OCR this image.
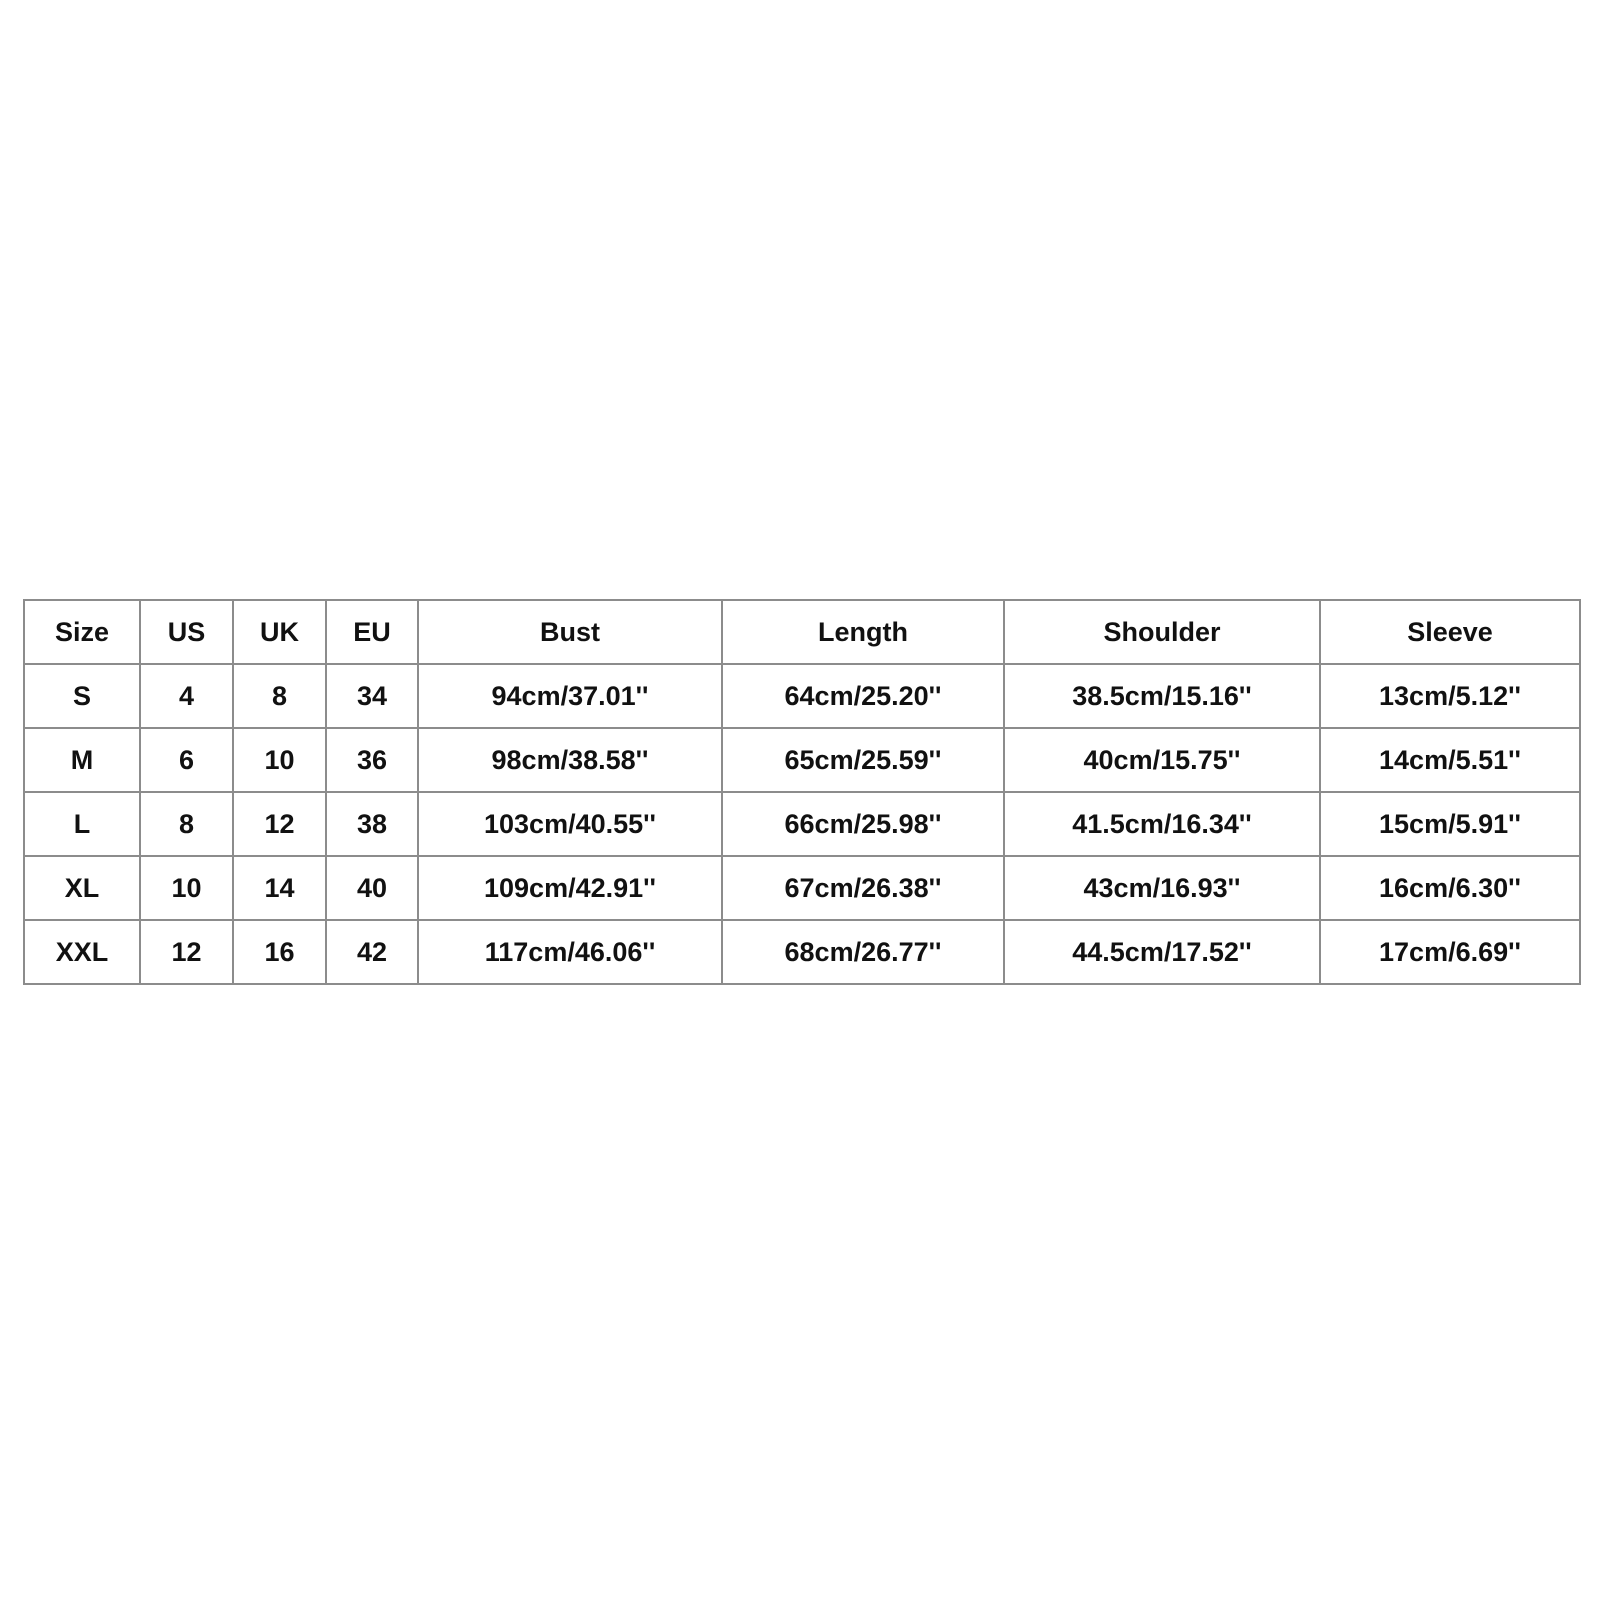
Size	US	UK	EU	Bust	Length	Shoulder	Sleeve
S	4	8	34	94cm/37.01''	64cm/25.20''	38.5cm/15.16''	13cm/5.12''
M	6	10	36	98cm/38.58''	65cm/25.59''	40cm/15.75''	14cm/5.51''
L	8	12	38	103cm/40.55''	66cm/25.98''	41.5cm/16.34''	15cm/5.91''
XL	10	14	40	109cm/42.91''	67cm/26.38''	43cm/16.93''	16cm/6.30''
XXL	12	16	42	117cm/46.06''	68cm/26.77''	44.5cm/17.52''	17cm/6.69''
